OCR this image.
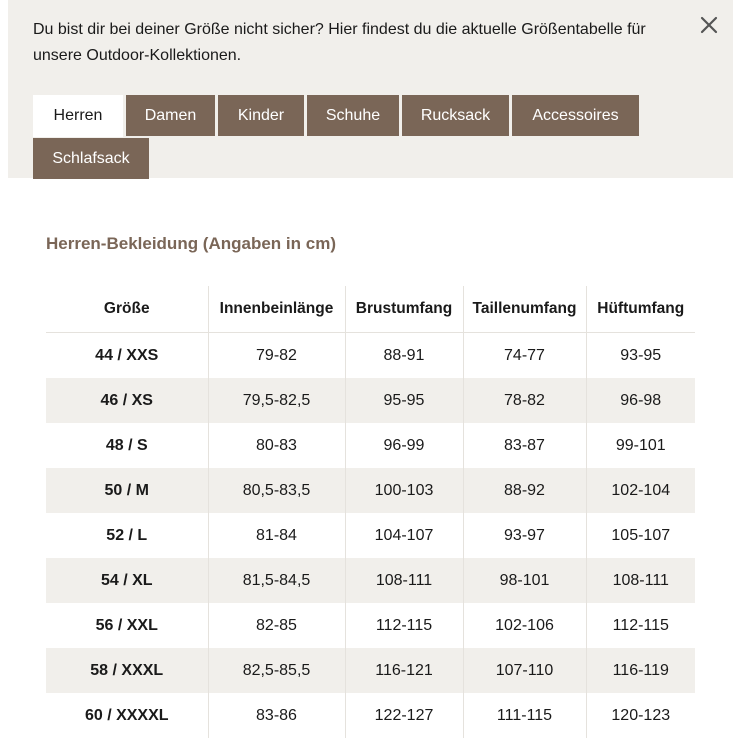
Du bist dir bei deiner Größe nicht sicher? Hier findest du die aktuelle Größentabelle für unsere Outdoor-Kollektionen.

Herren	Damen	Kinder	Schuhe	Rucksack	Accessoires
Schlafsack
Herren-Bekleidung (Angaben in cm)
Größe	Innenbeinlänge	Brustumfang	Taillenumfang	Hüftumfang
44 / XXS	79-82	88-91	74-77	93-95
46 / XS	79,5-82,5	95-95	78-82	96-98
48 / S	80-83	96-99	83-87	99-101
50 / M	80,5-83,5	100-103	88-92	102-104
52 / L	81-84	104-107	93-97	105-107
54 / XL	81,5-84,5	108-111	98-101	108-111
56 / XXL	82-85	112-115	102-106	112-115
58 / XXXL	82,5-85,5	116-121	107-110	116-119
60 / XXXXL	83-86	122-127	111-115	120-123
